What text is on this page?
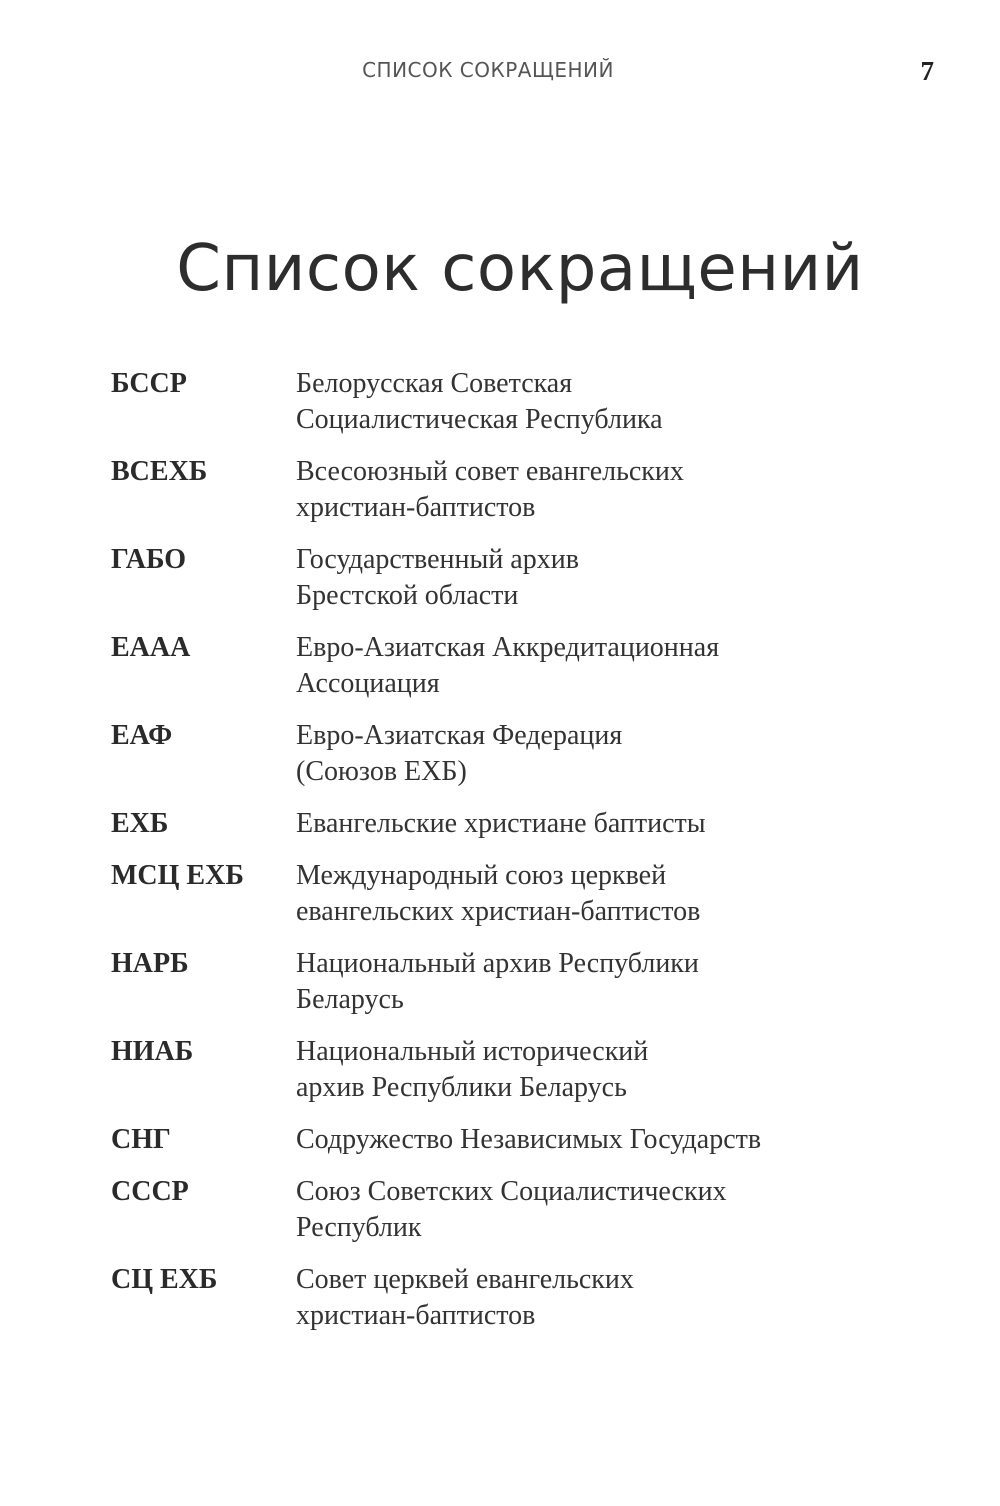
СПИСОК СОКРАЩЕНИЙ	7
Список сокращений
БССР	Белорусская Советская
Социалистическая Республика
ВСЕХБ	Всесоюзный совет евангельских
христиан-баптистов
ГАБО	Государственный архив
Брестской области
ЕААА	Евро-Азиатская Аккредитационная
Ассоциация
ЕАФ	Евро-Азиатская Федерация
(Союзов ЕХБ)
ЕХБ	Евангельские христиане баптисты
МСЦ ЕХБ	Международный союз церквей
евангельских христиан-баптистов
НАРБ	Национальный архив Республики
Беларусь
НИАБ	Национальный исторический
архив Республики Беларусь
СНГ	Содружество Независимых Государств
СССР	Союз Советских Социалистических
Республик
СЦ ЕХБ	Совет церквей евангельских
христиан-баптистов
